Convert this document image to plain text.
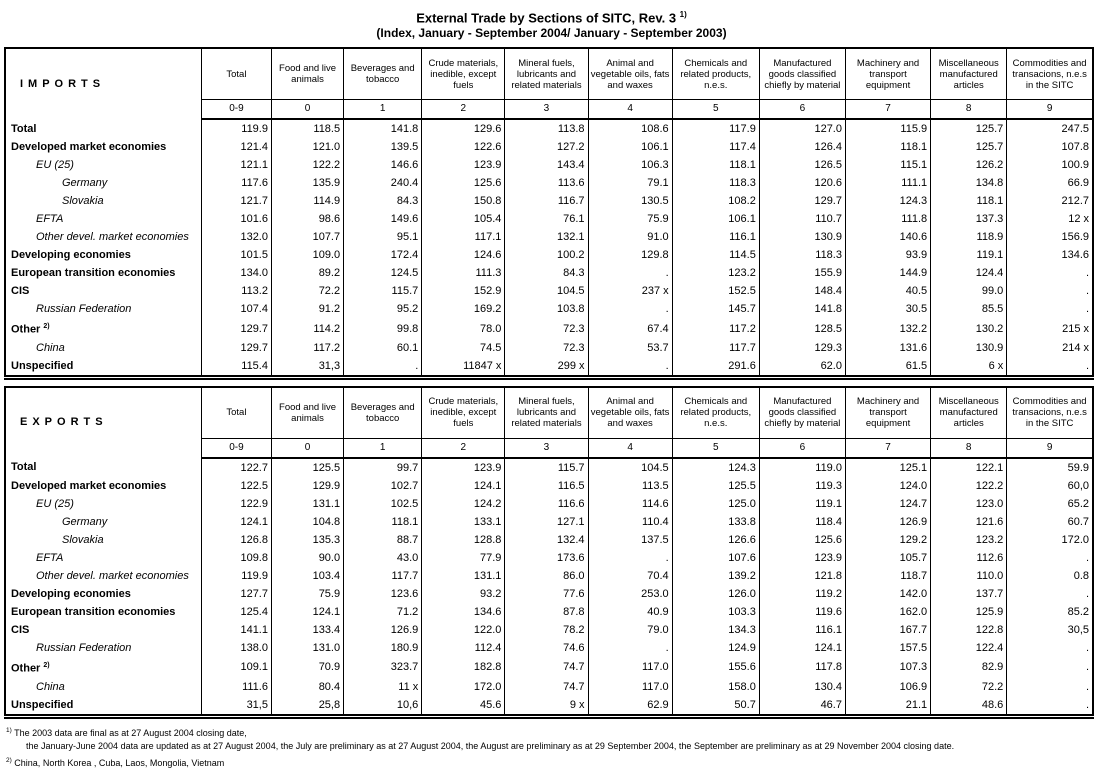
External Trade by Sections of SITC, Rev. 3 $^{1)}$
(Index, January - September 2004/ January - September 2003)
IMPORTS	Total	Food and live animals	Beverages and tobacco	Crude materials, inedible, except fuels	Mineral fuels, lubricants and related materials	Animal and vegetable oils, fats and waxes	Chemicals and related products, n.e.s.	Manufactured goods classified chiefly by material	Machinery and transport equipment	Miscellaneous manufactured articles	Commodities and transacions, n.e.s in the SITC
	0-9	0	1	2	3	4	5	6	7	8	9
Total	119.9	118.5	141.8	129.6	113.8	108.6	117.9	127.0	115.9	125.7	247.5
Developed market economies	121.4	121.0	139.5	122.6	127.2	106.1	117.4	126.4	118.1	125.7	107.8
EU (25)	121.1	122.2	146.6	123.9	143.4	106.3	118.1	126.5	115.1	126.2	100.9
Germany	117.6	135.9	240.4	125.6	113.6	79.1	118.3	120.6	111.1	134.8	66.9
Slovakia	121.7	114.9	84.3	150.8	116.7	130.5	108.2	129.7	124.3	118.1	212.7
EFTA	101.6	98.6	149.6	105.4	76.1	75.9	106.1	110.7	111.8	137.3	12 x
Other devel. market economies	132.0	107.7	95.1	117.1	132.1	91.0	116.1	130.9	140.6	118.9	156.9
Developing economies	101.5	109.0	172.4	124.6	100.2	129.8	114.5	118.3	93.9	119.1	134.6
European transition economies	134.0	89.2	124.5	111.3	84.3	.	123.2	155.9	144.9	124.4	.
CIS	113.2	72.2	115.7	152.9	104.5	237 x	152.5	148.4	40.5	99.0	.
Russian Federation	107.4	91.2	95.2	169.2	103.8	.	145.7	141.8	30.5	85.5	.
Other $^{2)}$	129.7	114.2	99.8	78.0	72.3	67.4	117.2	128.5	132.2	130.2	215 x
China	129.7	117.2	60.1	74.5	72.3	53.7	117.7	129.3	131.6	130.9	214 x
Unspecified	115.4	31,3	.	11847 x	299 x	.	291.6	62.0	61.5	6 x	.
EXPORTS	Total	Food and live animals	Beverages and tobacco	Crude materials, inedible, except fuels	Mineral fuels, lubricants and related materials	Animal and vegetable oils, fats and waxes	Chemicals and related products, n.e.s.	Manufactured goods classified chiefly by material	Machinery and transport equipment	Miscellaneous manufactured articles	Commodities and transacions, n.e.s in the SITC
	0-9	0	1	2	3	4	5	6	7	8	9
Total	122.7	125.5	99.7	123.9	115.7	104.5	124.3	119.0	125.1	122.1	59.9
Developed market economies	122.5	129.9	102.7	124.1	116.5	113.5	125.5	119.3	124.0	122.2	60,0
EU (25)	122.9	131.1	102.5	124.2	116.6	114.6	125.0	119.1	124.7	123.0	65.2
Germany	124.1	104.8	118.1	133.1	127.1	110.4	133.8	118.4	126.9	121.6	60.7
Slovakia	126.8	135.3	88.7	128.8	132.4	137.5	126.6	125.6	129.2	123.2	172.0
EFTA	109.8	90.0	43.0	77.9	173.6	.	107.6	123.9	105.7	112.6	.
Other devel. market economies	119.9	103.4	117.7	131.1	86.0	70.4	139.2	121.8	118.7	110.0	0.8
Developing economies	127.7	75.9	123.6	93.2	77.6	253.0	126.0	119.2	142.0	137.7	.
European transition economies	125.4	124.1	71.2	134.6	87.8	40.9	103.3	119.6	162.0	125.9	85.2
CIS	141.1	133.4	126.9	122.0	78.2	79.0	134.3	116.1	167.7	122.8	30,5
Russian Federation	138.0	131.0	180.9	112.4	74.6	.	124.9	124.1	157.5	122.4	.
Other $^{2)}$	109.1	70.9	323.7	182.8	74.7	117.0	155.6	117.8	107.3	82.9	.
China	111.6	80.4	11 x	172.0	74.7	117.0	158.0	130.4	106.9	72.2	.
Unspecified	31,5	25,8	10,6	45.6	9 x	62.9	50.7	46.7	21.1	48.6	.
$^{1)}$ The 2003 data are final as at 27 August 2004 closing date,
the January-June 2004 data are updated as at 27 August 2004, the July are preliminary as at 27 August 2004, the August are preliminary as at 29 September 2004, the September are preliminary as at 29 November 2004 closing date.
$^{2)}$ China, North Korea , Cuba, Laos, Mongolia, Vietnam
